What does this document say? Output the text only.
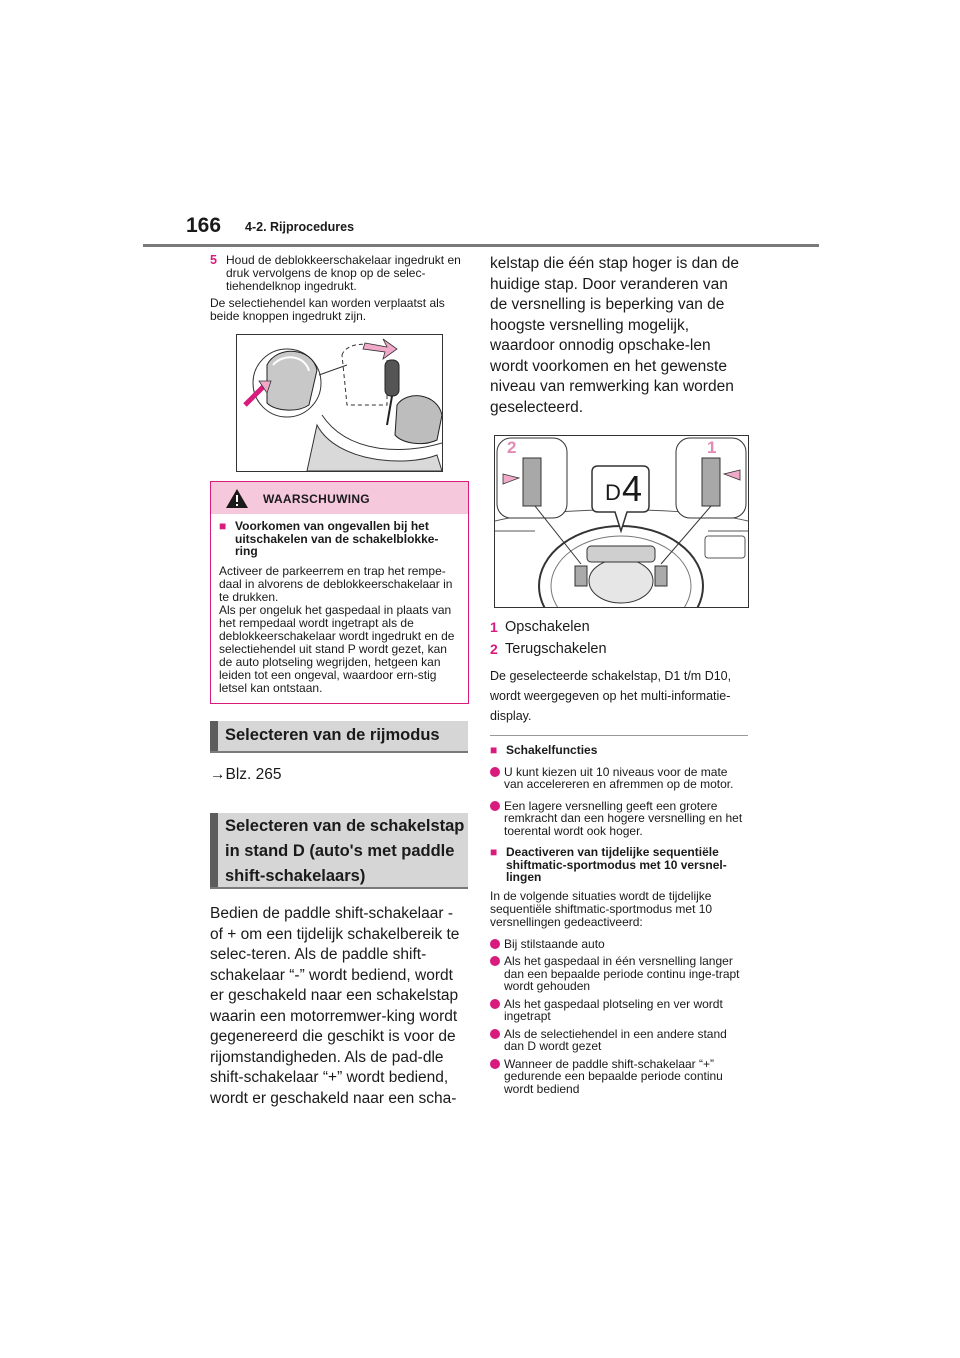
166 4-2. Rijprocedures
5 Houd de deblokkeerschakelaar ingedrukt en druk vervolgens de knop op de selec-tiehendelknop ingedrukt.
De selectiehendel kan worden verplaatst als beide knoppen ingedrukt zijn.
WAARSCHUWING
■ Voorkomen van ongevallen bij het uitschakelen van de schakelblokke-ring
Activeer de parkeerrem en trap het rempe-daal in alvorens de deblokkeerschakelaar in te drukken.
Als per ongeluk het gaspedaal in plaats van het rempedaal wordt ingetrapt als de deblokkeerschakelaar wordt ingedrukt en de selectiehendel uit stand P wordt gezet, kan de auto plotseling wegrijden, hetgeen kan leiden tot een ongeval, waardoor ern-stig letsel kan ontstaan.
Selecteren van de rijmodus
→Blz. 265
Selecteren van de schakelstap in stand D (auto's met paddle shift-schakelaars)
Bedien de paddle shift-schakelaar - of + om een tijdelijk schakelbereik te selec-teren. Als de paddle shift-schakelaar “-” wordt bediend, wordt er geschakeld naar een schakelstap waarin een motorremwer-king wordt gegenereerd die geschikt is voor de rijomstandigheden. Als de pad-dle shift-schakelaar “+” wordt bediend, wordt er geschakeld naar een scha-
kelstap die één stap hoger is dan de huidige stap. Door veranderen van de versnelling is beperking van de hoogste versnelling mogelijk, waardoor onnodig opschake-len wordt voorkomen en het gewenste niveau van remwerking kan worden geselecteerd.
2	1
D 4
1 Opschakelen
2 Terugschakelen
De geselecteerde schakelstap, D1 t/m D10, wordt weergegeven op het multi-informatie-display.
■ Schakelfuncties
U kunt kiezen uit 10 niveaus voor de mate van accelereren en afremmen op de motor.
Een lagere versnelling geeft een grotere remkracht dan een hogere versnelling en het toerental wordt ook hoger.
■ Deactiveren van tijdelijke sequentiële shiftmatic-sportmodus met 10 versnel-lingen
In de volgende situaties wordt de tijdelijke sequentiële shiftmatic-sportmodus met 10 versnellingen gedeactiveerd:
Bij stilstaande auto
Als het gaspedaal in één versnelling langer dan een bepaalde periode continu inge-trapt wordt gehouden
Als het gaspedaal plotseling en ver wordt ingetrapt
Als de selectiehendel in een andere stand dan D wordt gezet
Wanneer de paddle shift-schakelaar “+” gedurende een bepaalde periode continu wordt bediend
